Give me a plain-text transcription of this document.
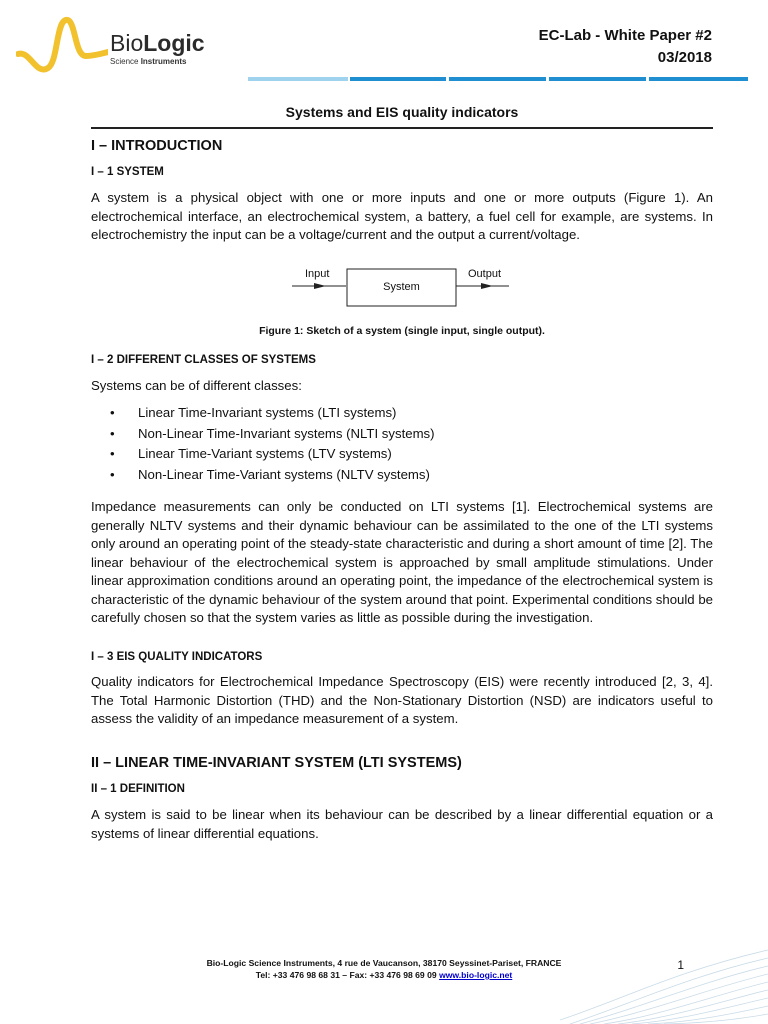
BioLogic
Science Instruments
EC-Lab - White Paper #2
03/2018
Systems and EIS quality indicators
I – INTRODUCTION
I – 1 SYSTEM
A system is a physical object with one or more inputs and one or more outputs (Figure 1). An electrochemical interface, an electrochemical system, a battery, a fuel cell for example, are systems. In electrochemistry the input can be a voltage/current and the output a current/voltage.
Input	Output
System
Figure 1: Sketch of a system (single input, single output).
I – 2 DIFFERENT CLASSES OF SYSTEMS
Systems can be of different classes:
• Linear Time-Invariant systems (LTI systems)
• Non-Linear Time-Invariant systems (NLTI systems)
• Linear Time-Variant systems (LTV systems)
• Non-Linear Time-Variant systems (NLTV systems)
Impedance measurements can only be conducted on LTI systems [1]. Electrochemical systems are generally NLTV systems and their dynamic behaviour can be assimilated to the one of the LTI systems only around an operating point of the steady-state characteristic and during a short amount of time [2]. The linear behaviour of the electrochemical system is approached by small amplitude stimulations. Under linear approximation conditions around an operating point, the impedance of the electrochemical system is characteristic of the dynamic behaviour of the system around that point. Experimental conditions should be carefully chosen so that the system varies as little as possible during the investigation.
I – 3 EIS QUALITY INDICATORS
Quality indicators for Electrochemical Impedance Spectroscopy (EIS) were recently introduced [2, 3, 4]. The Total Harmonic Distortion (THD) and the Non-Stationary Distortion (NSD) are indicators useful to assess the validity of an impedance measurement of a system.
II – LINEAR TIME-INVARIANT SYSTEM (LTI SYSTEMS)
II – 1 DEFINITION
A system is said to be linear when its behaviour can be described by a linear differential equation or a systems of linear differential equations.
Bio-Logic Science Instruments, 4 rue de Vaucanson, 38170 Seyssinet-Pariset, FRANCE
Tel: +33 476 98 68 31 – Fax: +33 476 98 69 09 www.bio-logic.net
1
